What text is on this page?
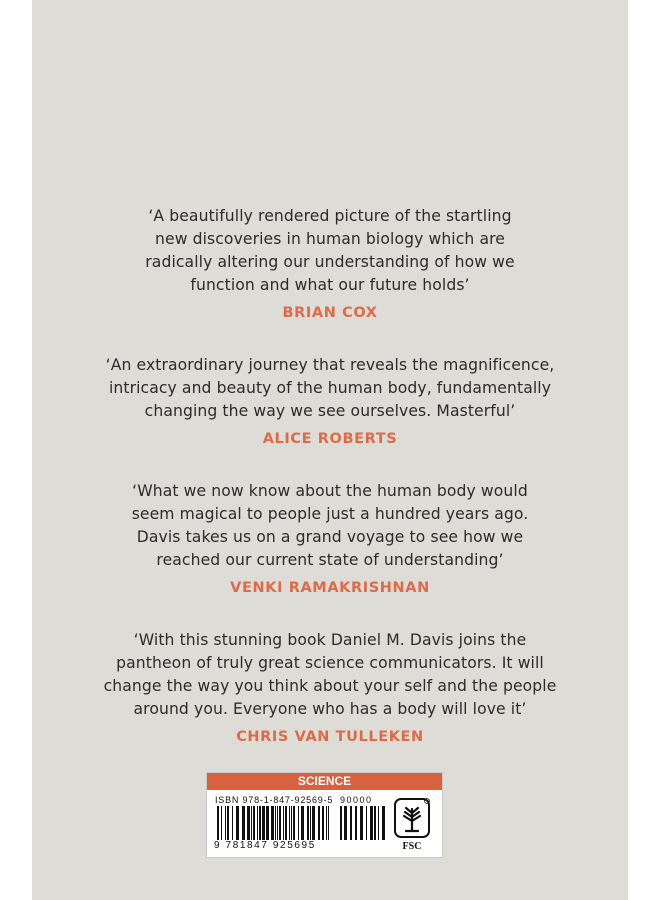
‘A beautifully rendered picture of the startling

new discoveries in human biology which are

radically altering our understanding of how we

function and what our future holds’

BRIAN COX

‘An extraordinary journey that reveals the magnificence,

intricacy and beauty of the human body, fundamentally

changing the way we see ourselves. Masterful’

ALICE ROBERTS

‘What we now know about the human body would

seem magical to people just a hundred years ago.

Davis takes us on a grand voyage to see how we

reached our current state of understanding’

VENKI RAMAKRISHNAN

‘With this stunning book Daniel M. Davis joins the

pantheon of truly great science communicators. It will

change the way you think about your self and the people

around you. Everyone who has a body will love it’

CHRIS VAN TULLEKEN

SCIENCE
ISBN 978-1-847-92569-5
9 781847 925695
90000
FSC
